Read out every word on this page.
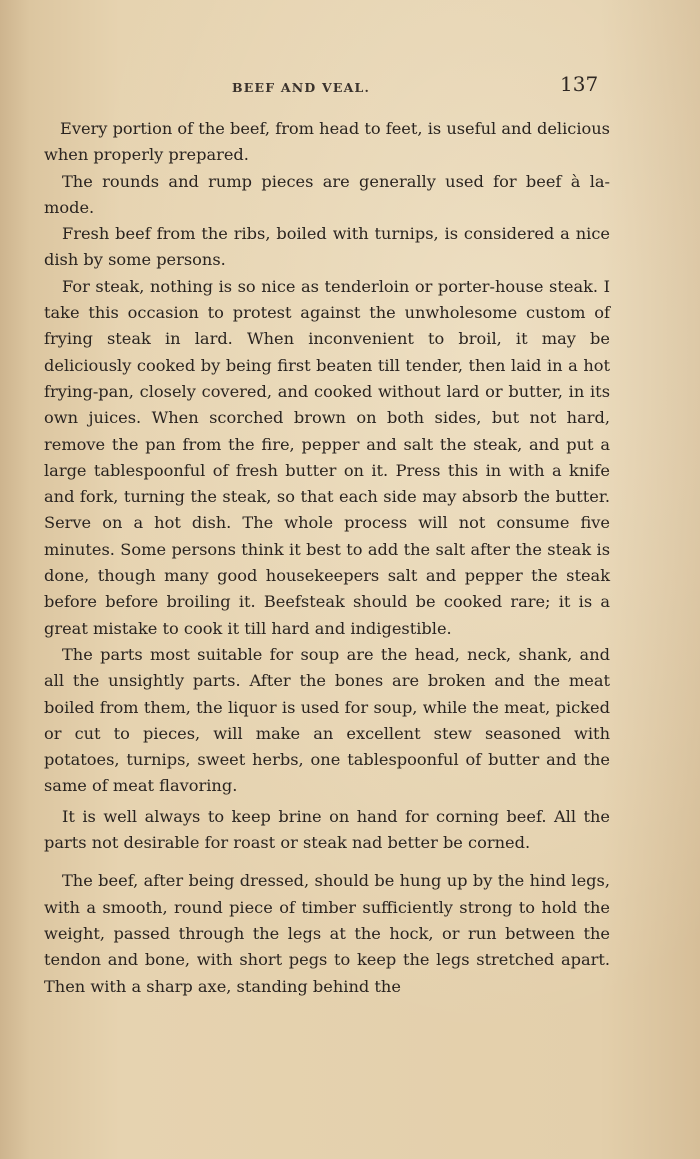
BEEF AND VEAL.	137

Every portion of the beef, from head to feet, is useful and delicious when properly prepared.

The rounds and rump pieces are generally used for beef à la-mode.

Fresh beef from the ribs, boiled with turnips, is considered a nice dish by some persons.

For steak, nothing is so nice as tenderloin or porter-house steak. I take this occasion to protest against the unwholesome custom of frying steak in lard. When inconvenient to broil, it may be deliciously cooked by being first beaten till tender, then laid in a hot frying-pan, closely covered, and cooked without lard or butter, in its own juices. When scorched brown on both sides, but not hard, remove the pan from the fire, pepper and salt the steak, and put a large tablespoonful of fresh butter on it. Press this in with a knife and fork, turning the steak, so that each side may absorb the butter. Serve on a hot dish. The whole process will not consume five minutes. Some persons think it best to add the salt after the steak is done, though many good housekeepers salt and pepper the steak before before broiling it. Beefsteak should be cooked rare; it is a great mistake to cook it till hard and indigestible.

The parts most suitable for soup are the head, neck, shank, and all the unsightly parts. After the bones are broken and the meat boiled from them, the liquor is used for soup, while the meat, picked or cut to pieces, will make an excellent stew seasoned with potatoes, turnips, sweet herbs, one tablespoonful of butter and the same of meat flavoring.

It is well always to keep brine on hand for corning beef. All the parts not desirable for roast or steak nad better be corned.

The beef, after being dressed, should be hung up by the hind legs, with a smooth, round piece of timber sufficiently strong to hold the weight, passed through the legs at the hock, or run between the tendon and bone, with short pegs to keep the legs stretched apart. Then with a sharp axe, standing behind the
